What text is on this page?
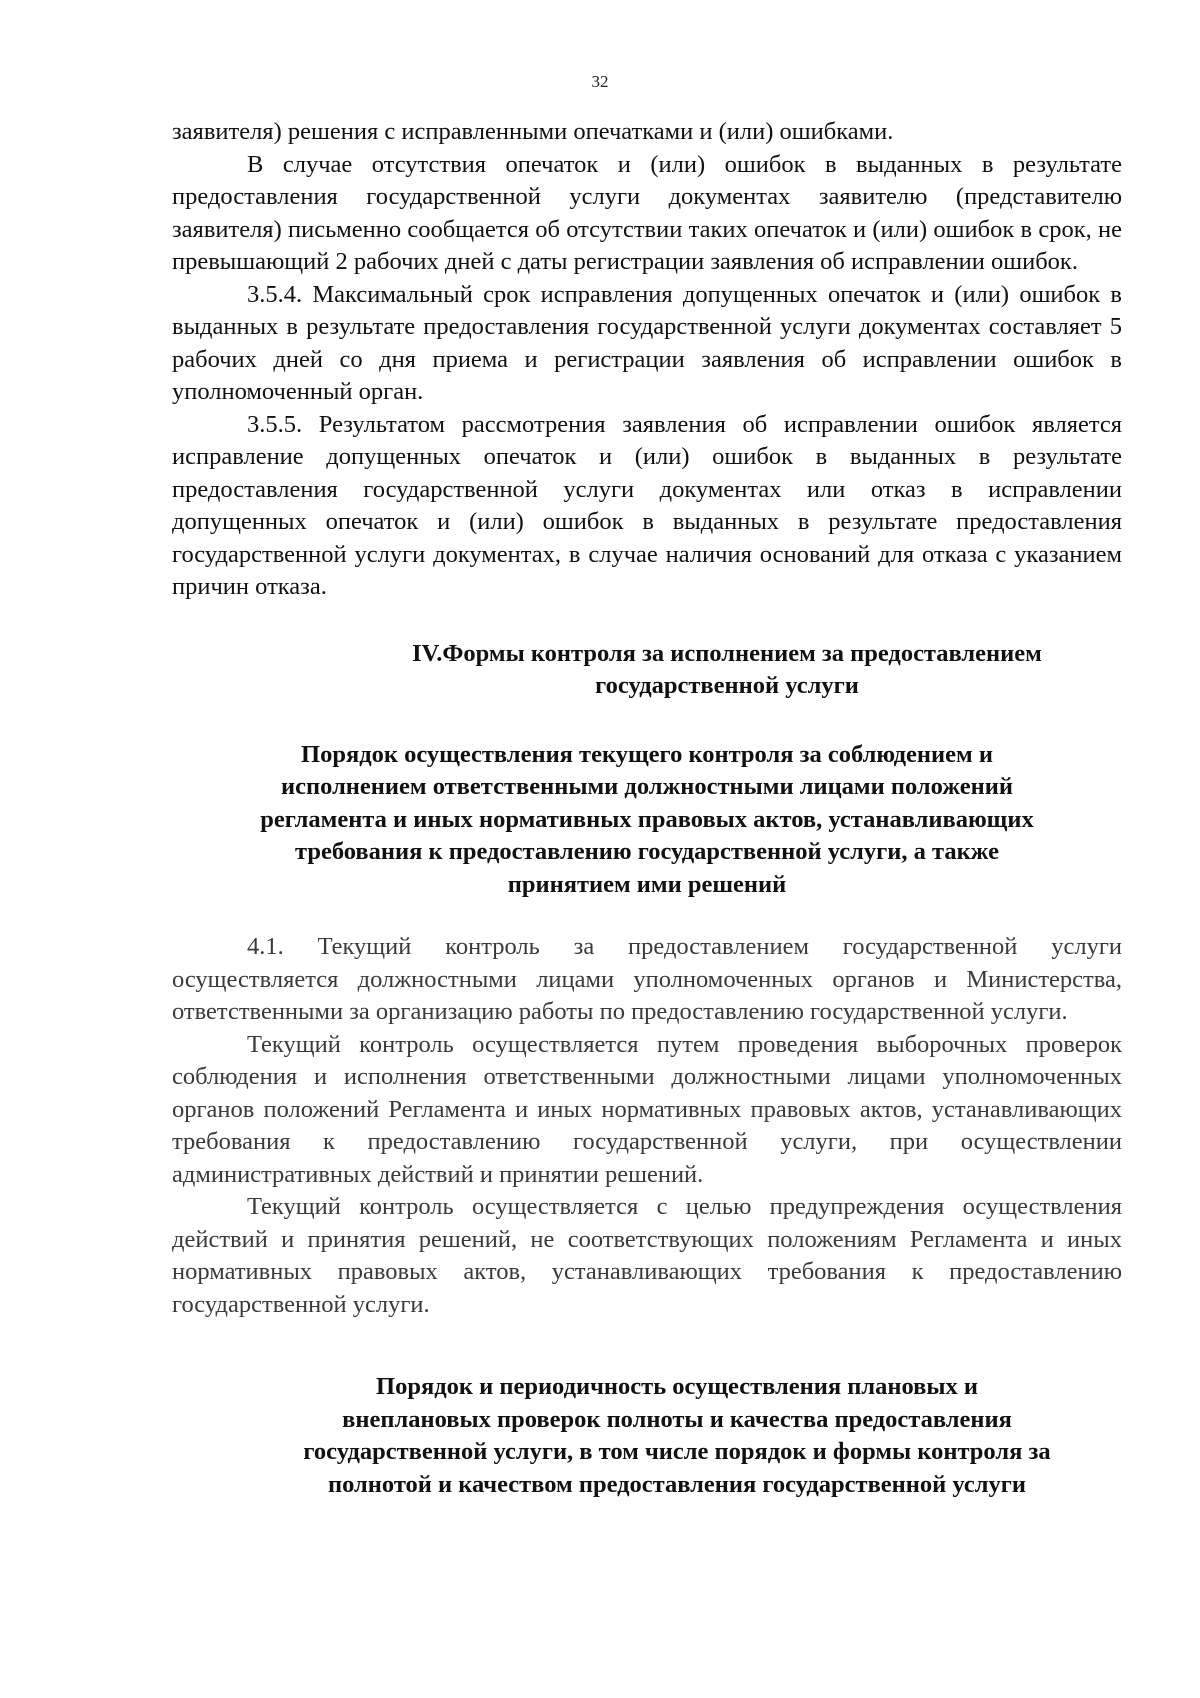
32

заявителя) решения с исправленными опечатками и (или) ошибками.

В случае отсутствия опечаток и (или) ошибок в выданных в результате предоставления государственной услуги документах заявителю (представителю заявителя) письменно сообщается об отсутствии таких опечаток и (или) ошибок в срок, не превышающий 2 рабочих дней с даты регистрации заявления об исправлении ошибок.

3.5.4. Максимальный срок исправления допущенных опечаток и (или) ошибок в выданных в результате предоставления государственной услуги документах составляет 5 рабочих дней со дня приема и регистрации заявления об исправлении ошибок в уполномоченный орган.

3.5.5. Результатом рассмотрения заявления об исправлении ошибок является исправление допущенных опечаток и (или) ошибок в выданных в результате предоставления государственной услуги документах или отказ в исправлении допущенных опечаток и (или) ошибок в выданных в результате предоставления государственной услуги документах, в случае наличия оснований для отказа с указанием причин отказа.

IV.Формы контроля за исполнением за предоставлением
государственной услуги
Порядок осуществления текущего контроля за соблюдением и
исполнением ответственными должностными лицами положений
регламента и иных нормативных правовых актов, устанавливающих
требования к предоставлению государственной услуги, а также
принятием ими решений

4.1. Текущий контроль за предоставлением государственной услуги осуществляется должностными лицами уполномоченных органов и Министерства, ответственными за организацию работы по предоставлению государственной услуги.

Текущий контроль осуществляется путем проведения выборочных проверок соблюдения и исполнения ответственными должностными лицами уполномоченных органов положений Регламента и иных нормативных правовых актов, устанавливающих требования к предоставлению государственной услуги, при осуществлении административных действий и принятии решений.

Текущий контроль осуществляется с целью предупреждения осуществления действий и принятия решений, не соответствующих положениям Регламента и иных нормативных правовых актов, устанавливающих требования к предоставлению государственной услуги.

Порядок и периодичность осуществления плановых и
внеплановых проверок полноты и качества предоставления
государственной услуги, в том числе порядок и формы контроля за
полнотой и качеством предоставления государственной услуги
